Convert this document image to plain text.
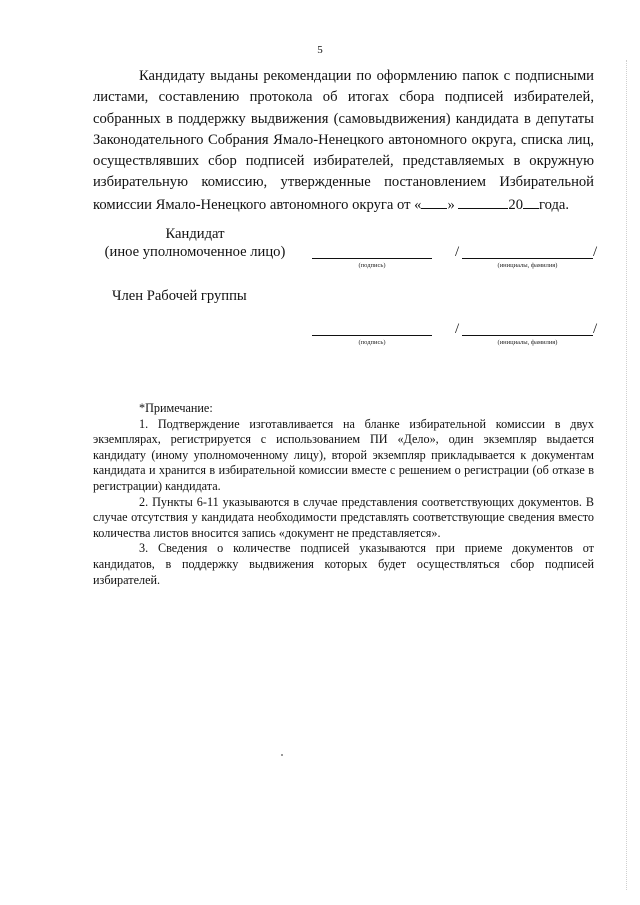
5

Кандидату выданы рекомендации по оформлению папок с подписными листами, составлению протокола об итогах сбора подписей избирателей, собранных в поддержку выдвижения (самовыдвижения) кандидата в депутаты Законодательного Собрания Ямало-Ненецкого автономного округа, списка лиц, осуществлявших сбор подписей избирателей, представляемых в окружную избирательную комиссию, утвержденные постановлением Избирательной комиссии Ямало-Ненецкого автономного округа от « »	20 года.

Кандидат
(иное уполномоченное лицо)	/	/
(подпись)	(инициалы, фамилия)
Член Рабочей группы
/	/
(подпись)	(инициалы, фамилия)

*Примечание:

1. Подтверждение изготавливается на бланке избирательной комиссии в двух экземплярах, регистрируется с использованием ПИ «Дело», один экземпляр выдается кандидату (иному уполномоченному лицу), второй экземпляр прикладывается к документам кандидата и хранится в избирательной комиссии вместе с решением о регистрации (об отказе в регистрации) кандидата.

2. Пункты 6-11 указываются в случае представления соответствующих документов. В случае отсутствия у кандидата необходимости представлять соответствующие сведения вместо количества листов вносится запись «документ не представляется».

3. Сведения о количестве подписей указываются при приеме документов от кандидатов, в поддержку выдвижения которых будет осуществляться сбор подписей избирателей.
